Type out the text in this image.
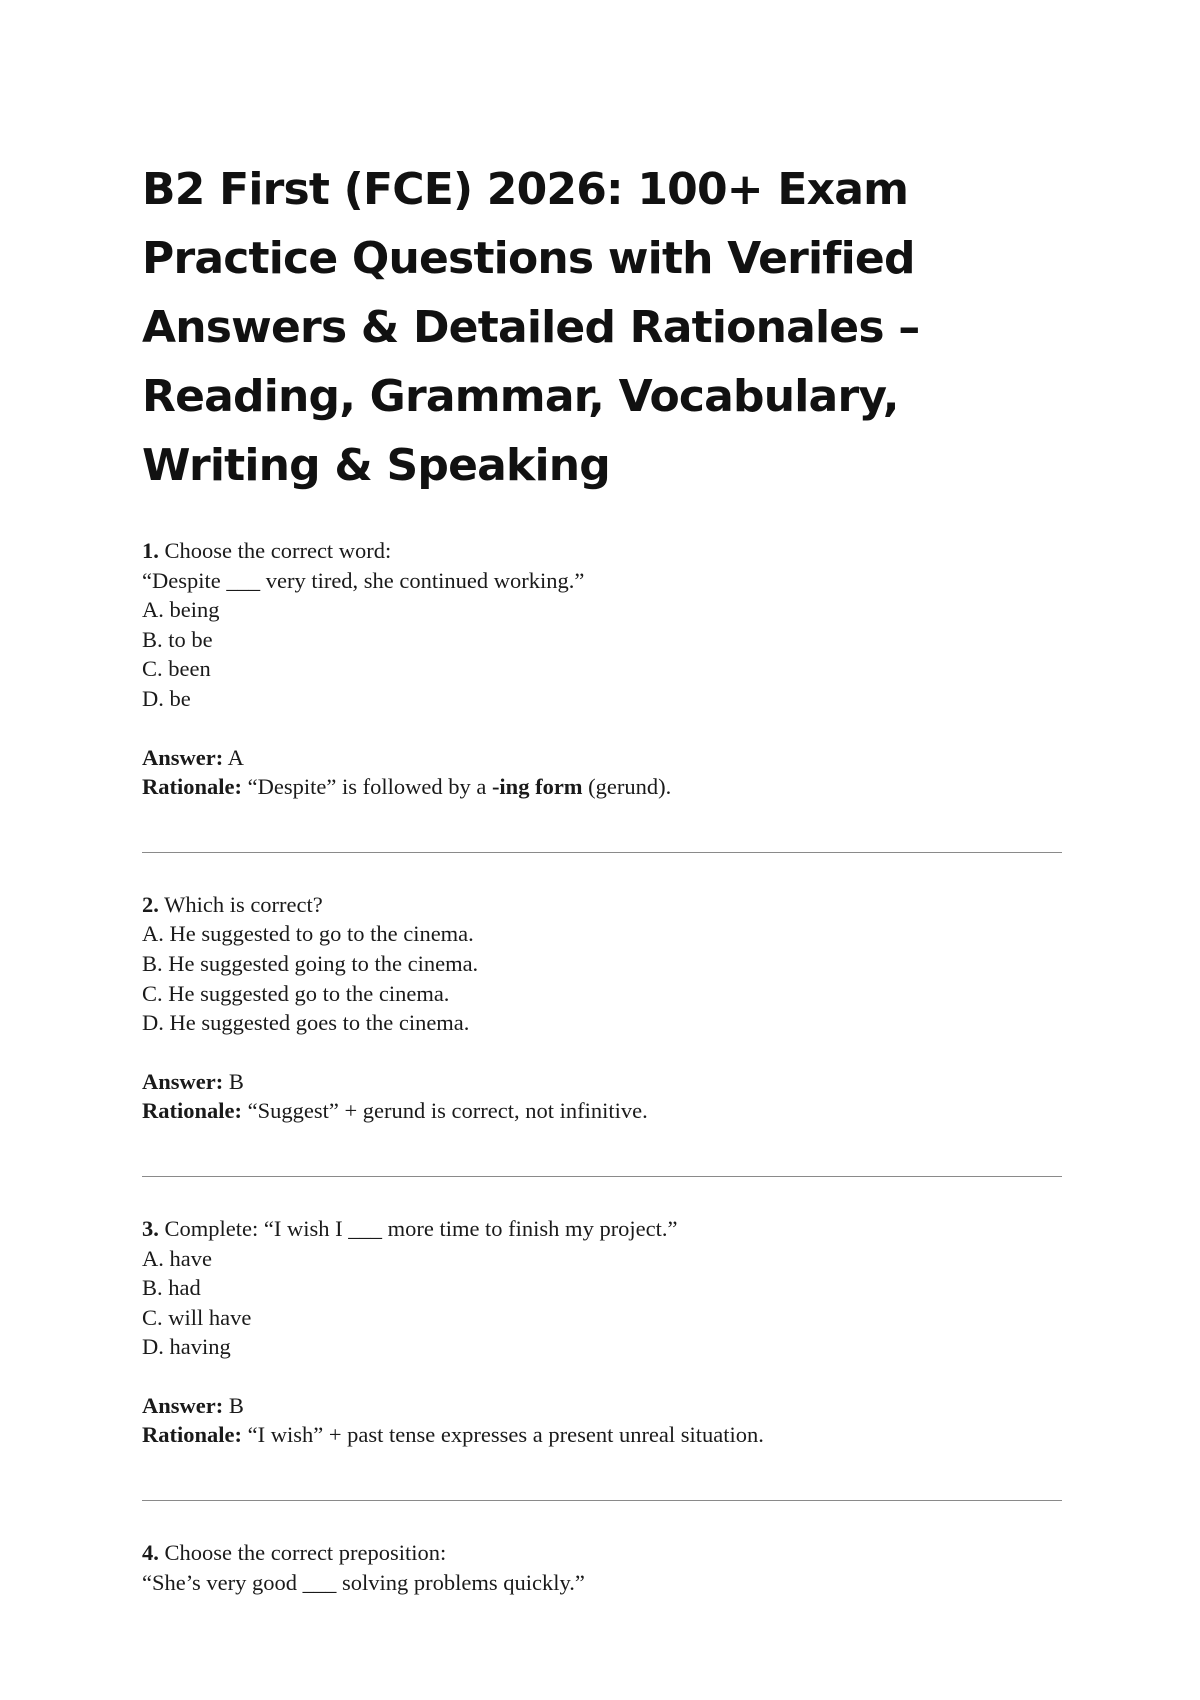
B2 First (FCE) 2026: 100+ Exam Practice Questions with Verified Answers & Detailed Rationales – Reading, Grammar, Vocabulary, Writing & Speaking
1. Choose the correct word:
“Despite ___ very tired, she continued working.”
A. being
B. to be
C. been
D. be
Answer: A
Rationale: “Despite” is followed by a -ing form (gerund).
2. Which is correct?
A. He suggested to go to the cinema.
B. He suggested going to the cinema.
C. He suggested go to the cinema.
D. He suggested goes to the cinema.
Answer: B
Rationale: “Suggest” + gerund is correct, not infinitive.
3. Complete: “I wish I ___ more time to finish my project.”
A. have
B. had
C. will have
D. having
Answer: B
Rationale: “I wish” + past tense expresses a present unreal situation.
4. Choose the correct preposition:
“She’s very good ___ solving problems quickly.”
